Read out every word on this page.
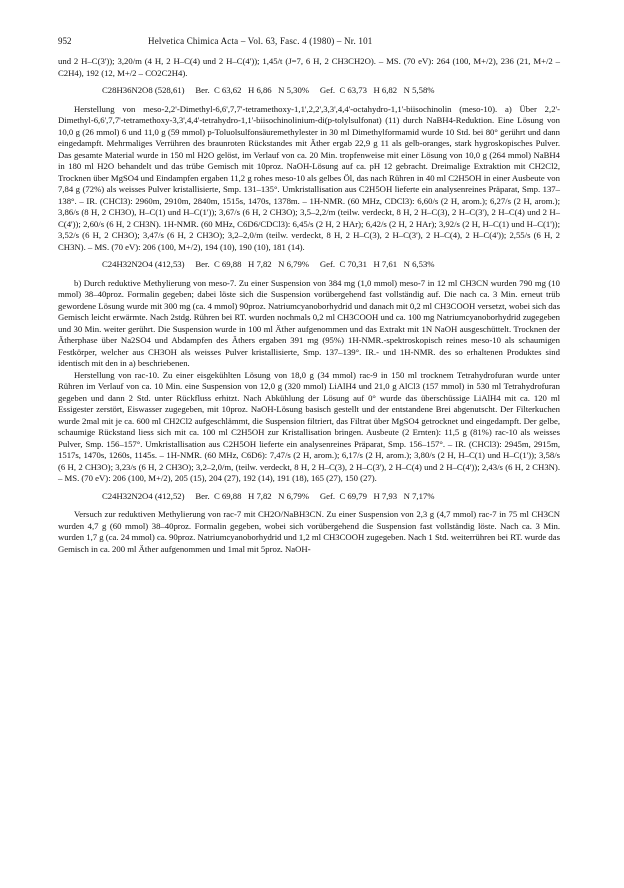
952	Helvetica Chimica Acta – Vol. 63, Fasc. 4 (1980) – Nr. 101

und 2 H–C(3')); 3,20/m (4 H, 2 H–C(4) und 2 H–C(4')); 1,45/t (J=7, 6 H, 2 CH3CH2O). – MS. (70 eV): 264 (100, M+/2), 236 (21, M+/2 – C2H4), 192 (12, M+/2 – CO2C2H4).

C28H36N2O8 (528,61)     Ber.  C 63,62   H 6,86   N 5,30%     Gef.  C 63,73   H 6,82   N 5,58%

Herstellung von meso-2,2'-Dimethyl-6,6',7,7'-tetramethoxy-1,1',2,2',3,3',4,4'-octahydro-1,1'-biisochinolin (meso-10). a) Über 2,2'-Dimethyl-6,6',7,7'-tetramethoxy-3,3',4,4'-tetrahydro-1,1'-biisochinolinium-di(p-tolylsulfonat) (11) durch NaBH4-Reduktion. Eine Lösung von 10,0 g (26 mmol) 6 und 11,0 g (59 mmol) p-Toluolsulfonsäuremethylester in 30 ml Dimethylformamid wurde 10 Std. bei 80° gerührt und dann eingedampft. Mehrmaliges Verrühren des braunroten Rückstandes mit Äther ergab 22,9 g 11 als gelb-oranges, stark hygroskopisches Pulver. Das gesamte Material wurde in 150 ml H2O gelöst, im Verlauf von ca. 20 Min. tropfenweise mit einer Lösung von 10,0 g (264 mmol) NaBH4 in 180 ml H2O behandelt und das trübe Gemisch mit 10proz. NaOH-Lösung auf ca. pH 12 gebracht. Dreimalige Extraktion mit CH2Cl2, Trocknen über MgSO4 und Eindampfen ergaben 11,2 g rohes meso-10 als gelbes Öl, das nach Rühren in 40 ml C2H5OH in einer Ausbeute von 7,84 g (72%) als weisses Pulver kristallisierte, Smp. 131–135°. Umkristallisation aus C2H5OH lieferte ein analysenreines Präparat, Smp. 137–138°. – IR. (CHCl3): 2960m, 2910m, 2840m, 1515s, 1470s, 1378m. – 1H-NMR. (60 MHz, CDCl3): 6,60/s (2 H, arom.); 6,27/s (2 H, arom.); 3,86/s (8 H, 2 CH3O), H–C(1) und H–C(1')); 3,67/s (6 H, 2 CH3O); 3,5–2,2/m (teilw. verdeckt, 8 H, 2 H–C(3), 2 H–C(3'), 2 H–C(4) und 2 H–C(4')); 2,60/s (6 H, 2 CH3N). 1H-NMR. (60 MHz, C6D6/CDCl3): 6,45/s (2 H, 2 HAr); 6,42/s (2 H, 2 HAr); 3,92/s (2 H, H–C(1) und H–C(1')); 3,52/s (6 H, 2 CH3O); 3,47/s (6 H, 2 CH3O); 3,2–2,0/m (teilw. verdeckt, 8 H, 2 H–C(3), 2 H–C(3'), 2 H–C(4), 2 H–C(4')); 2,55/s (6 H, 2 CH3N). – MS. (70 eV): 206 (100, M+/2), 194 (10), 190 (10), 181 (14).

C24H32N2O4 (412,53)     Ber.  C 69,88   H 7,82   N 6,79%     Gef.  C 70,31   H 7,61   N 6,53%

b) Durch reduktive Methylierung von meso-7. Zu einer Suspension von 384 mg (1,0 mmol) meso-7 in 12 ml CH3CN wurden 790 mg (10 mmol) 38–40proz. Formalin gegeben; dabei löste sich die Suspension vorübergehend fast vollständig auf. Die nach ca. 3 Min. erneut trüb gewordene Lösung wurde mit 300 mg (ca. 4 mmol) 90proz. Natriumcyanoborhydrid und danach mit 0,2 ml CH3COOH versetzt, wobei sich das Gemisch leicht erwärmte. Nach 2stdg. Rühren bei RT. wurden nochmals 0,2 ml CH3COOH und ca. 100 mg Natriumcyanoborhydrid zugegeben und 30 Min. weiter gerührt. Die Suspension wurde in 100 ml Äther aufgenommen und das Extrakt mit 1N NaOH ausgeschüttelt. Trocknen der Ätherphase über Na2SO4 und Abdampfen des Äthers ergaben 391 mg (95%) 1H-NMR.-spektroskopisch reines meso-10 als schaumigen Festkörper, welcher aus CH3OH als weisses Pulver kristallisierte, Smp. 137–139°. IR.- und 1H-NMR. des so erhaltenen Produktes sind identisch mit den in a) beschriebenen.

Herstellung von rac-10. Zu einer eisgekühlten Lösung von 18,0 g (34 mmol) rac-9 in 150 ml trocknem Tetrahydrofuran wurde unter Rühren im Verlauf von ca. 10 Min. eine Suspension von 12,0 g (320 mmol) LiAlH4 und 21,0 g AlCl3 (157 mmol) in 530 ml Tetrahydrofuran gegeben und dann 2 Std. unter Rückfluss erhitzt. Nach Abkühlung der Lösung auf 0° wurde das überschüssige LiAlH4 mit ca. 120 ml Essigester zerstört, Eiswasser zugegeben, mit 10proz. NaOH-Lösung basisch gestellt und der entstandene Brei abgenutscht. Der Filterkuchen wurde 2mal mit je ca. 600 ml CH2Cl2 aufgeschlämmt, die Suspension filtriert, das Filtrat über MgSO4 getrocknet und eingedampft. Der gelbe, schaumige Rückstand liess sich mit ca. 100 ml C2H5OH zur Kristallisation bringen. Ausbeute (2 Ernten): 11,5 g (81%) rac-10 als weisses Pulver, Smp. 156–157°. Umkristallisation aus C2H5OH lieferte ein analysenreines Präparat, Smp. 156–157°. – IR. (CHCl3): 2945m, 2915m, 1517s, 1470s, 1260s, 1145s. – 1H-NMR. (60 MHz, C6D6): 7,47/s (2 H, arom.); 6,17/s (2 H, arom.); 3,80/s (2 H, H–C(1) und H–C(1')); 3,58/s (6 H, 2 CH3O); 3,23/s (6 H, 2 CH3O); 3,2–2,0/m, (teilw. verdeckt, 8 H, 2 H–C(3), 2 H–C(3'), 2 H–C(4) und 2 H–C(4')); 2,43/s (6 H, 2 CH3N). – MS. (70 eV): 206 (100, M+/2), 205 (15), 204 (27), 192 (14), 191 (18), 165 (27), 150 (27).

C24H32N2O4 (412,52)     Ber.  C 69,88   H 7,82   N 6,79%     Gef.  C 69,79   H 7,93   N 7,17%

Versuch zur reduktiven Methylierung von rac-7 mit CH2O/NaBH3CN. Zu einer Suspension von 2,3 g (4,7 mmol) rac-7 in 75 ml CH3CN wurden 4,7 g (60 mmol) 38–40proz. Formalin gegeben, wobei sich vorübergehend die Suspension fast vollständig löste. Nach ca. 3 Min. wurden 1,7 g (ca. 24 mmol) ca. 90proz. Natriumcyanoborhydrid und 1,2 ml CH3COOH zugegeben. Nach 1 Std. weiterrühren bei RT. wurde das Gemisch in ca. 200 ml Äther aufgenommen und 1mal mit 5proz. NaOH-
